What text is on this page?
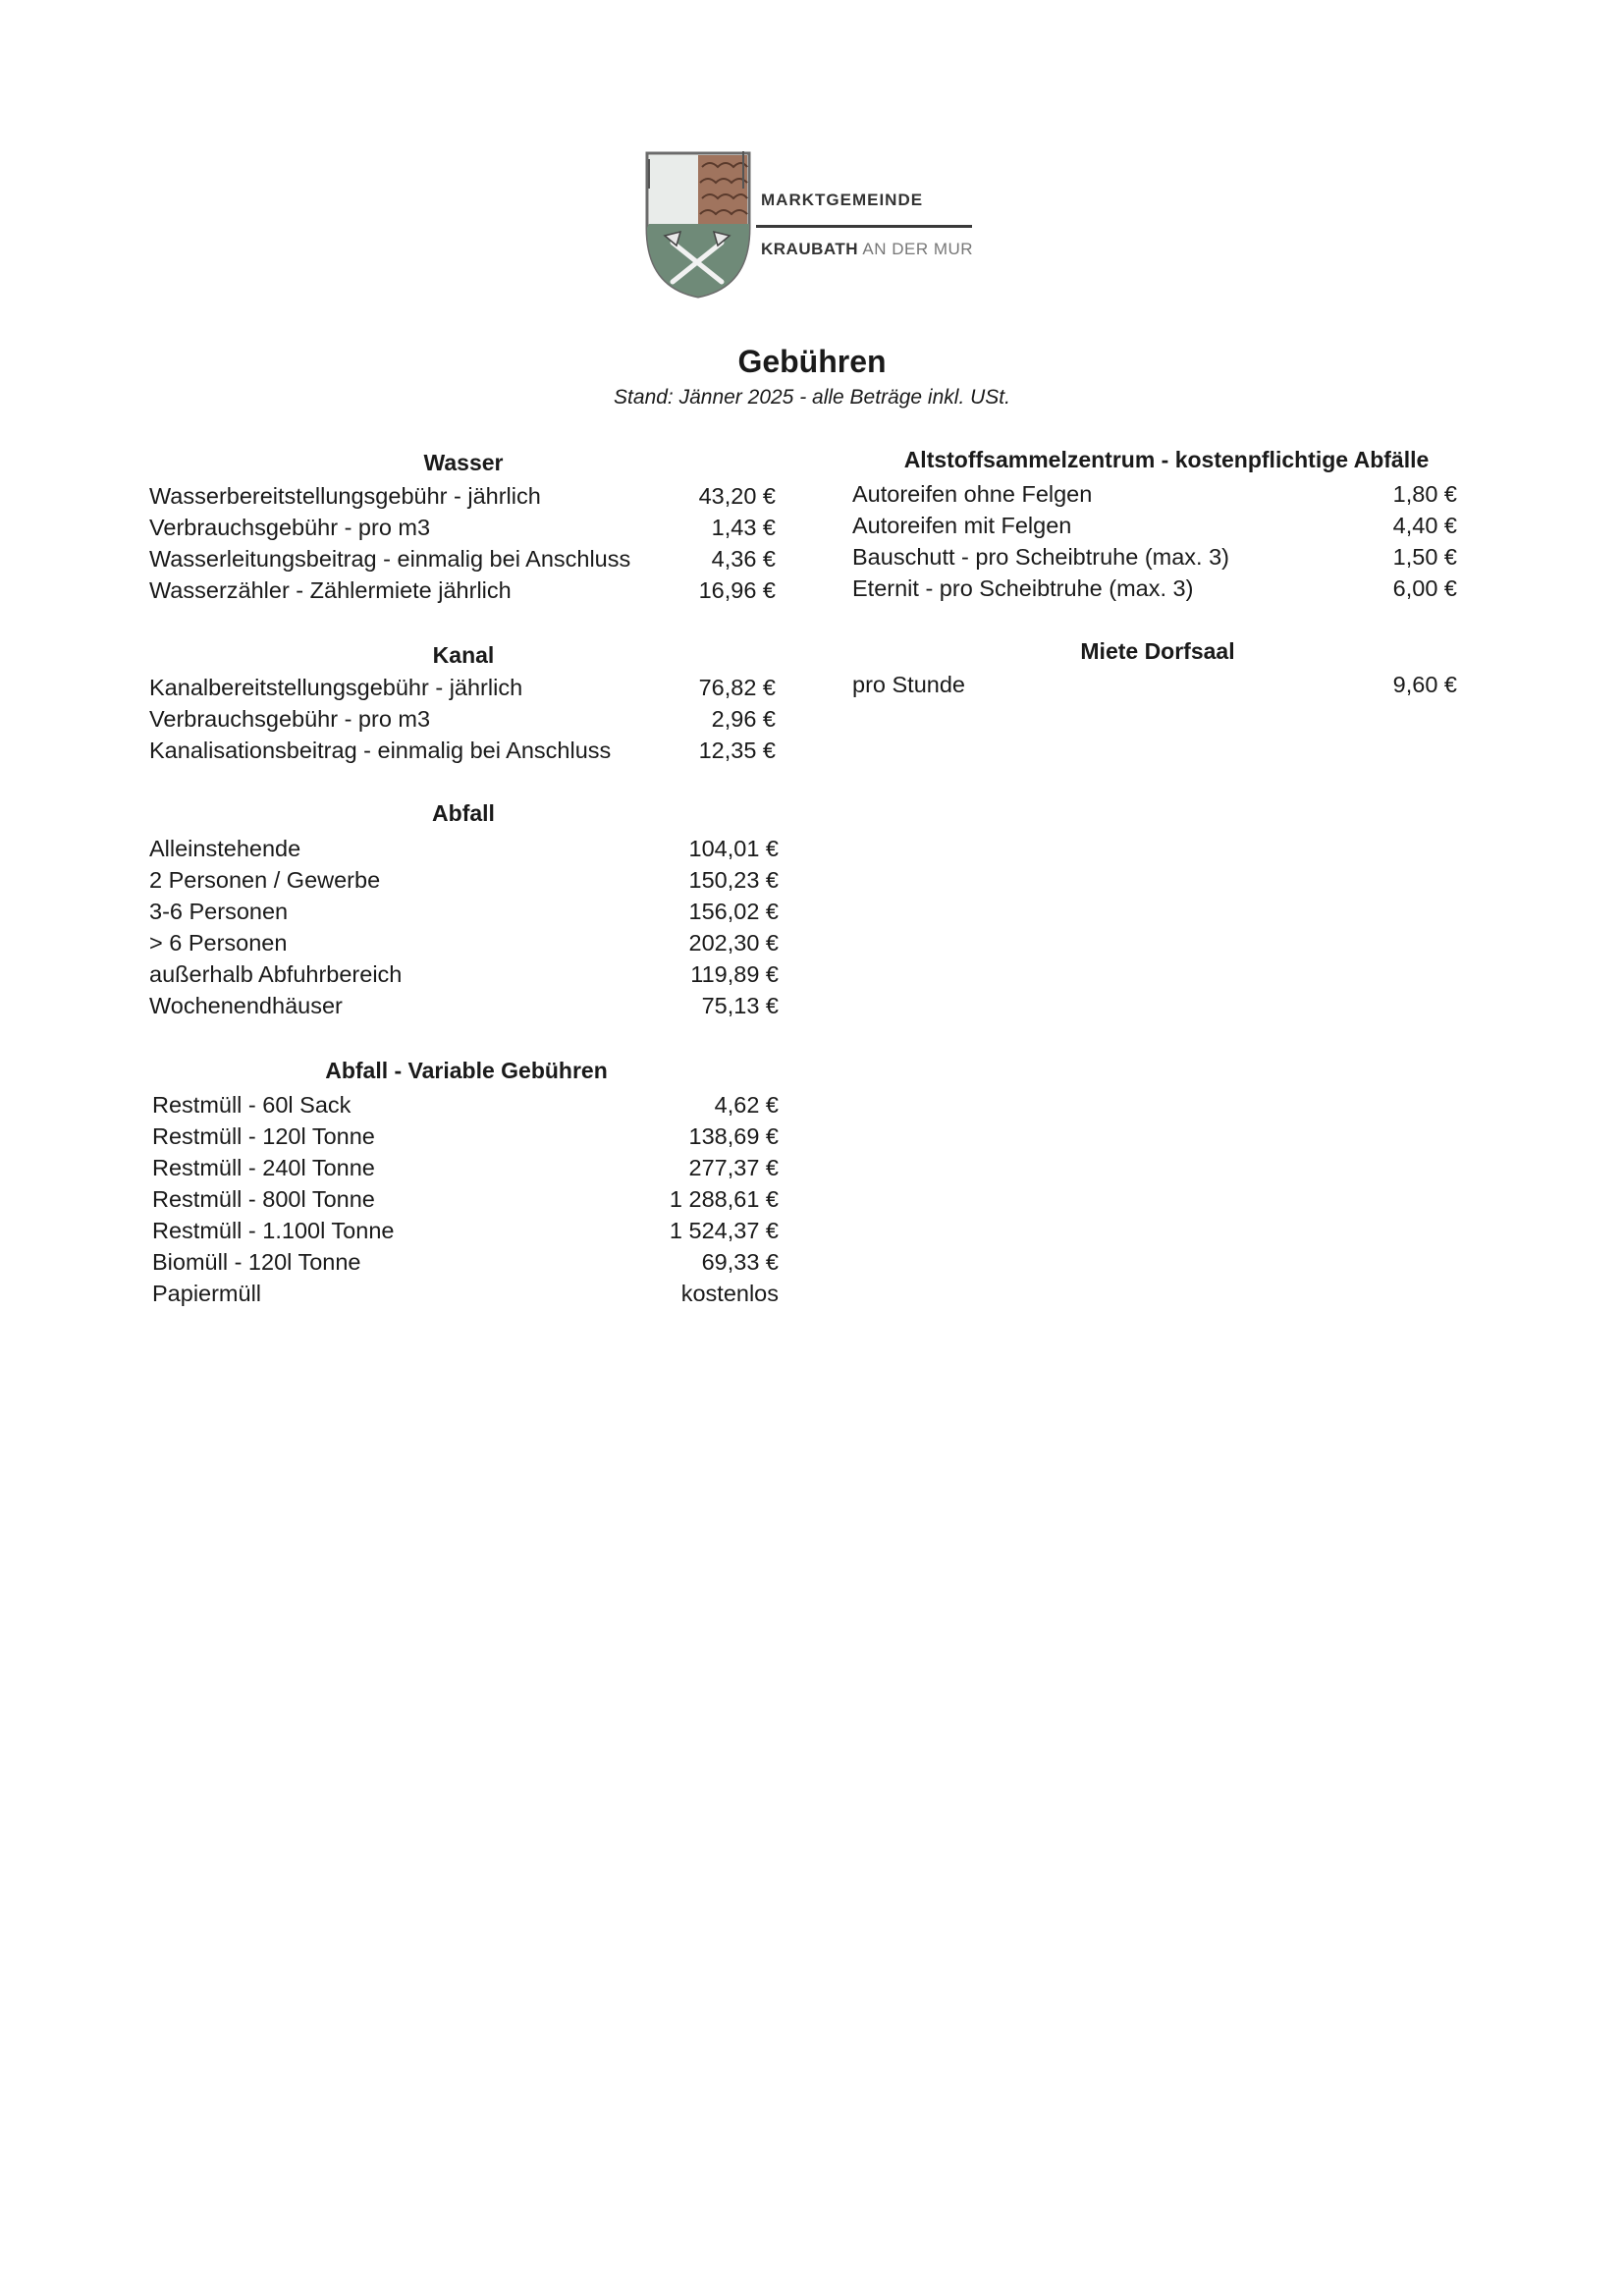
MARKTGEMEINDE
KRAUBATH AN DER MUR
Gebühren
Stand: Jänner 2025 - alle Beträge inkl. USt.
Wasser
Wasserbereitstellungsgebühr - jährlich	43,20 €
Verbrauchsgebühr - pro m3	1,43 €
Wasserleitungsbeitrag - einmalig bei Anschluss	4,36 €
Wasserzähler - Zählermiete jährlich	16,96 €
Kanal
Kanalbereitstellungsgebühr - jährlich	76,82 €
Verbrauchsgebühr - pro m3	2,96 €
Kanalisationsbeitrag - einmalig bei Anschluss	12,35 €
Abfall
Alleinstehende	104,01 €
2 Personen / Gewerbe	150,23 €
3-6 Personen	156,02 €
> 6 Personen	202,30 €
außerhalb Abfuhrbereich	119,89 €
Wochenendhäuser	75,13 €
Abfall - Variable Gebühren
Restmüll - 60l Sack	4,62 €
Restmüll - 120l Tonne	138,69 €
Restmüll - 240l Tonne	277,37 €
Restmüll - 800l Tonne	1 288,61 €
Restmüll - 1.100l Tonne	1 524,37 €
Biomüll - 120l Tonne	69,33 €
Papiermüll	kostenlos
Altstoffsammelzentrum - kostenpflichtige Abfälle
Autoreifen ohne Felgen	1,80 €
Autoreifen mit Felgen	4,40 €
Bauschutt - pro Scheibtruhe (max. 3)	1,50 €
Eternit - pro Scheibtruhe (max. 3)	6,00 €
Miete Dorfsaal
pro Stunde	9,60 €
